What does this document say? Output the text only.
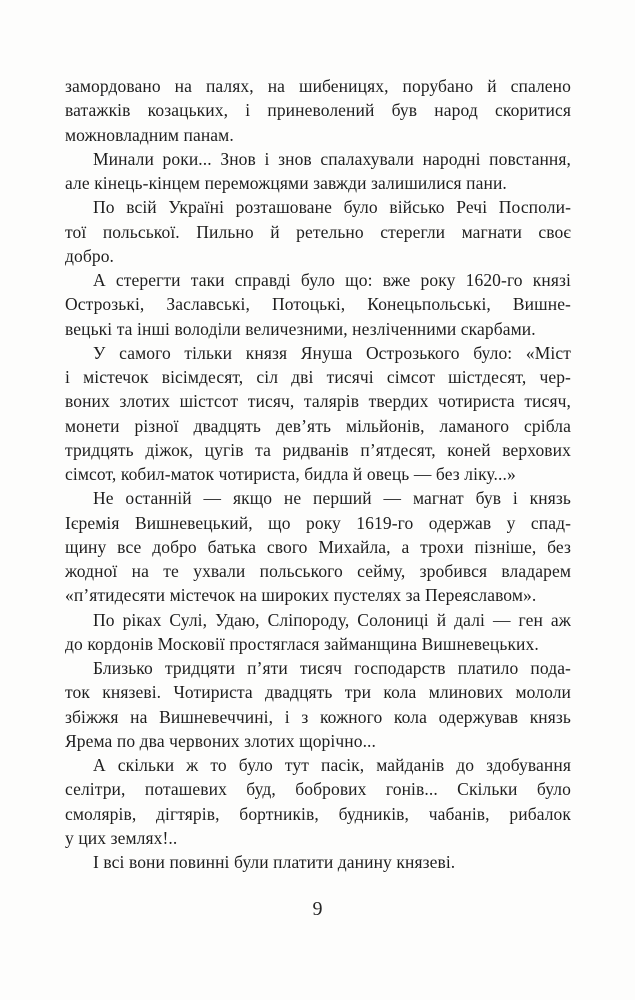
замордовано на палях, на шибеницях, порубано й спалено
ватажків козацьких, і приневолений був народ скоритися
можновладним панам.
Минали роки... Знов і знов спалахували народні повстання,
але кінець-кінцем переможцями завжди залишилися пани.
По всій Україні розташоване було військо Речі Посполи-
тої польської. Пильно й ретельно стерегли магнати своє
добро.
А стерегти таки справді було що: вже року 1620-го князі
Острозькі, Заславські, Потоцькі, Конецьпольські, Вишне-
вецькі та інші володіли величезними, незліченними скарбами.
У самого тільки князя Януша Острозького було: «Міст
і містечок вісімдесят, сіл дві тисячі сімсот шістдесят, чер-
воних злотих шістсот тисяч, талярів твердих чотириста тисяч,
монети різної двадцять дев’ять мільйонів, ламаного срібла
тридцять діжок, цугів та ридванів п’ятдесят, коней верхових
сімсот, кобил-маток чотириста, бидла й овець — без ліку...»
Не останній — якщо не перший — магнат був і князь
Ієремія Вишневецький, що року 1619-го одержав у спад-
щину все добро батька свого Михайла, а трохи пізніше, без
жодної на те ухвали польського сейму, зробився владарем
«п’ятидесяти містечок на широких пустелях за Переяславом».
По ріках Сулі, Удаю, Сліпороду, Солониці й далі — ген аж
до кордонів Московії простяглася займанщина Вишневецьких.
Близько тридцяти п’яти тисяч господарств платило пода-
ток князеві. Чотириста двадцять три кола млинових мололи
збіжжя на Вишневеччині, і з кожного кола одержував князь
Ярема по два червоних злотих щорічно...
А скільки ж то було тут пасік, майданів до здобування
селітри, поташевих буд, бобрових гонів... Скільки було
смолярів, дігтярів, бортників, будників, чабанів, рибалок
у цих землях!..
І всі вони повинні були платити данину князеві.
9
